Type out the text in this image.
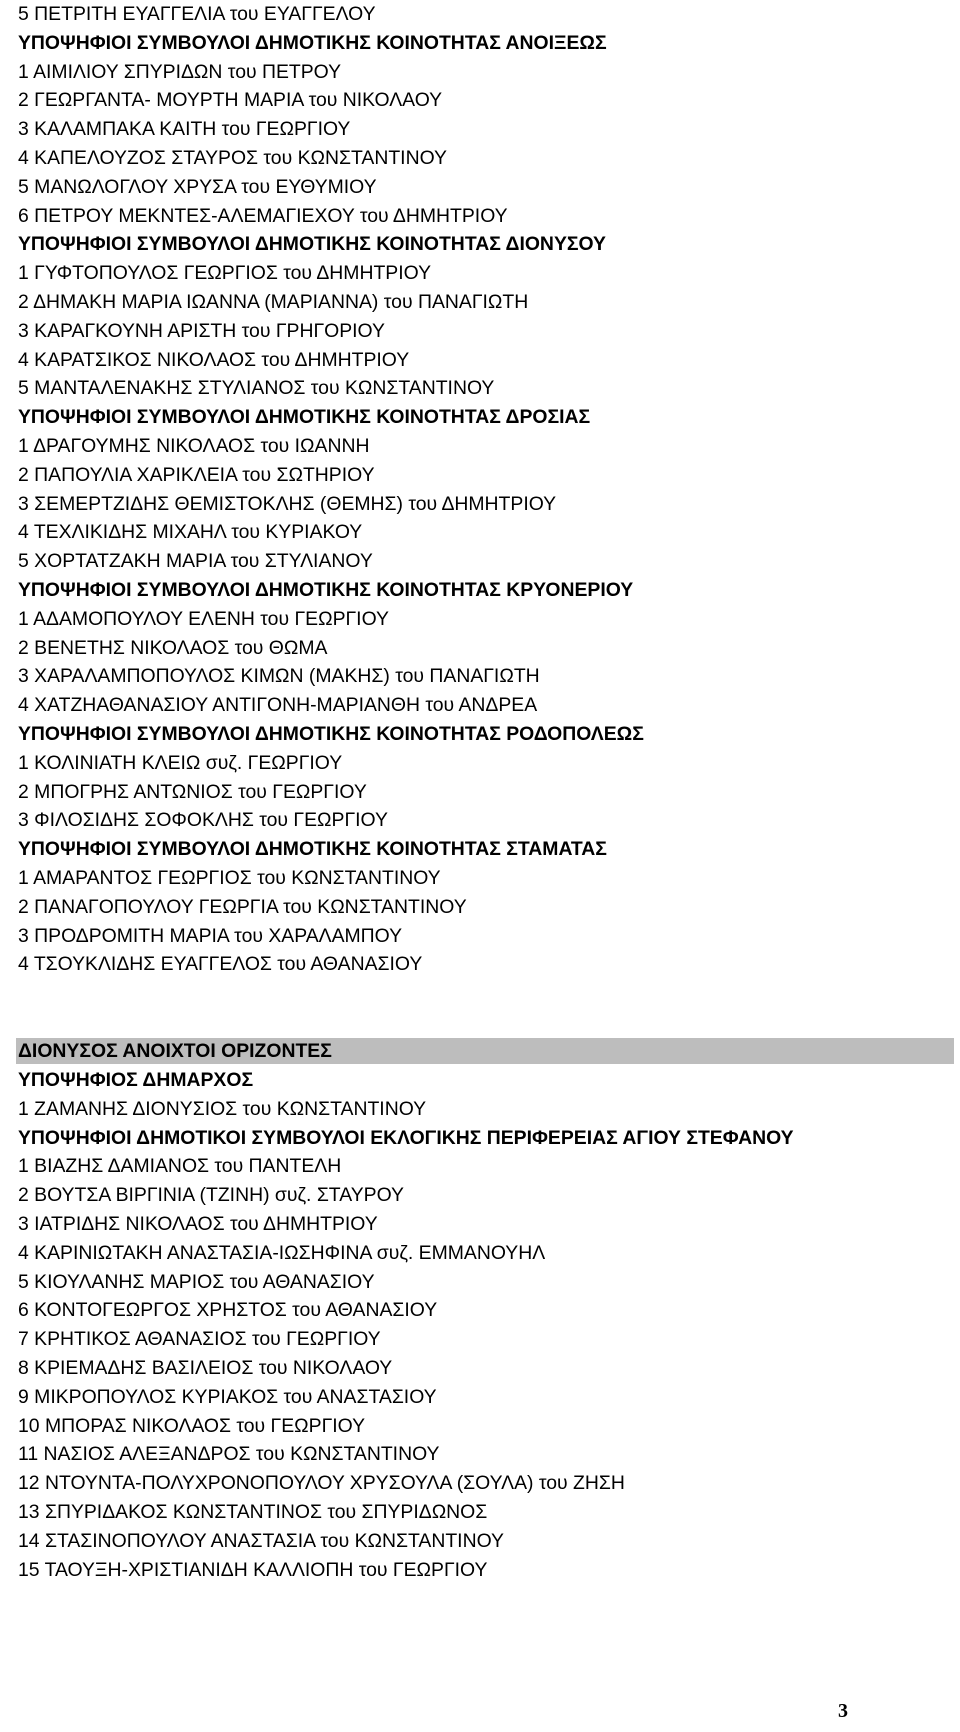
5 ΠΕΤΡΙΤΗ ΕΥΑΓΓΕΛΙΑ του ΕΥΑΓΓΕΛΟΥ
ΥΠΟΨΗΦΙΟΙ ΣΥΜΒΟΥΛΟΙ ΔΗΜΟΤΙΚΗΣ ΚΟΙΝΟΤΗΤΑΣ ΑΝΟΙΞΕΩΣ
1 ΑΙΜΙΛΙΟΥ ΣΠΥΡΙΔΩΝ του ΠΕΤΡΟΥ
2 ΓΕΩΡΓΑΝΤΑ- ΜΟΥΡΤΗ ΜΑΡΙΑ του ΝΙΚΟΛΑΟΥ
3 ΚΑΛΑΜΠΑΚΑ ΚΑΙΤΗ του ΓΕΩΡΓΙΟΥ
4 ΚΑΠΕΛΟΥΖΟΣ ΣΤΑΥΡΟΣ του ΚΩΝΣΤΑΝΤΙΝΟΥ
5 ΜΑΝΩΛΟΓΛΟΥ ΧΡΥΣΑ του ΕΥΘΥΜΙΟΥ
6 ΠΕΤΡΟΥ ΜΕΚΝΤΕΣ-ΑΛΕΜΑΓΙΕΧΟΥ του ΔΗΜΗΤΡΙΟΥ
ΥΠΟΨΗΦΙΟΙ ΣΥΜΒΟΥΛΟΙ ΔΗΜΟΤΙΚΗΣ ΚΟΙΝΟΤΗΤΑΣ ΔΙΟΝΥΣΟΥ
1 ΓΥΦΤΟΠΟΥΛΟΣ ΓΕΩΡΓΙΟΣ του ΔΗΜΗΤΡΙΟΥ
2 ΔΗΜΑΚΗ ΜΑΡΙΑ ΙΩΑΝΝΑ (ΜΑΡΙΑΝΝΑ) του ΠΑΝΑΓΙΩΤΗ
3 ΚΑΡΑΓΚΟΥΝΗ ΑΡΙΣΤΗ του ΓΡΗΓΟΡΙΟΥ
4 ΚΑΡΑΤΣΙΚΟΣ ΝΙΚΟΛΑΟΣ του ΔΗΜΗΤΡΙΟΥ
5 ΜΑΝΤΑΛΕΝΑΚΗΣ ΣΤΥΛΙΑΝΟΣ του ΚΩΝΣΤΑΝΤΙΝΟΥ
ΥΠΟΨΗΦΙΟΙ ΣΥΜΒΟΥΛΟΙ ΔΗΜΟΤΙΚΗΣ ΚΟΙΝΟΤΗΤΑΣ ΔΡΟΣΙΑΣ
1 ΔΡΑΓΟΥΜΗΣ ΝΙΚΟΛΑΟΣ του ΙΩΑΝΝΗ
2 ΠΑΠΟΥΛΙΑ ΧΑΡΙΚΛΕΙΑ του ΣΩΤΗΡΙΟΥ
3 ΣΕΜΕΡΤΖΙΔΗΣ ΘΕΜΙΣΤΟΚΛΗΣ (ΘΕΜΗΣ) του ΔΗΜΗΤΡΙΟΥ
4 ΤΕΧΛΙΚΙΔΗΣ ΜΙΧΑΗΛ του ΚΥΡΙΑΚΟΥ
5 ΧΟΡΤΑΤΖΑΚΗ ΜΑΡΙΑ του ΣΤΥΛΙΑΝΟΥ
ΥΠΟΨΗΦΙΟΙ ΣΥΜΒΟΥΛΟΙ ΔΗΜΟΤΙΚΗΣ ΚΟΙΝΟΤΗΤΑΣ ΚΡΥΟΝΕΡΙΟΥ
1 ΑΔΑΜΟΠΟΥΛΟΥ ΕΛΕΝΗ του ΓΕΩΡΓΙΟΥ
2 ΒΕΝΕΤΗΣ ΝΙΚΟΛΑΟΣ του ΘΩΜΑ
3 ΧΑΡΑΛΑΜΠΟΠΟΥΛΟΣ ΚΙΜΩΝ (ΜΑΚΗΣ) του ΠΑΝΑΓΙΩΤΗ
4 ΧΑΤΖΗΑΘΑΝΑΣΙΟΥ ΑΝΤΙΓΟΝΗ-ΜΑΡΙΑΝΘΗ του ΑΝΔΡΕΑ
ΥΠΟΨΗΦΙΟΙ ΣΥΜΒΟΥΛΟΙ ΔΗΜΟΤΙΚΗΣ ΚΟΙΝΟΤΗΤΑΣ ΡΟΔΟΠΟΛΕΩΣ
1 ΚΟΛΙΝΙΑΤΗ ΚΛΕΙΩ συζ. ΓΕΩΡΓΙΟΥ
2 ΜΠΟΓΡΗΣ ΑΝΤΩΝΙΟΣ του ΓΕΩΡΓΙΟΥ
3 ΦΙΛΟΣΙΔΗΣ ΣΟΦΟΚΛΗΣ του ΓΕΩΡΓΙΟΥ
ΥΠΟΨΗΦΙΟΙ ΣΥΜΒΟΥΛΟΙ ΔΗΜΟΤΙΚΗΣ ΚΟΙΝΟΤΗΤΑΣ ΣΤΑΜΑΤΑΣ
1 ΑΜΑΡΑΝΤΟΣ ΓΕΩΡΓΙΟΣ του ΚΩΝΣΤΑΝΤΙΝΟΥ
2 ΠΑΝΑΓΟΠΟΥΛΟΥ ΓΕΩΡΓΙΑ του ΚΩΝΣΤΑΝΤΙΝΟΥ
3 ΠΡΟΔΡΟΜΙΤΗ ΜΑΡΙΑ του ΧΑΡΑΛΑΜΠΟΥ
4 ΤΣΟΥΚΛΙΔΗΣ ΕΥΑΓΓΕΛΟΣ του ΑΘΑΝΑΣΙΟΥ
ΔΙΟΝΥΣΟΣ ΑΝΟΙΧΤΟΙ ΟΡΙΖΟΝΤΕΣ
ΥΠΟΨΗΦΙΟΣ ΔΗΜΑΡΧΟΣ
1 ΖΑΜΑΝΗΣ ΔΙΟΝΥΣΙΟΣ του ΚΩΝΣΤΑΝΤΙΝΟΥ
ΥΠΟΨΗΦΙΟΙ ΔΗΜΟΤΙΚΟΙ ΣΥΜΒΟΥΛΟΙ ΕΚΛΟΓΙΚΗΣ ΠΕΡΙΦΕΡΕΙΑΣ ΑΓΙΟΥ ΣΤΕΦΑΝΟΥ
1 ΒΙΑΖΗΣ ΔΑΜΙΑΝΟΣ του ΠΑΝΤΕΛΗ
2 ΒΟΥΤΣΑ ΒΙΡΓΙΝΙΑ (ΤΖΙΝΗ) συζ. ΣΤΑΥΡΟΥ
3 ΙΑΤΡΙΔΗΣ ΝΙΚΟΛΑΟΣ του ΔΗΜΗΤΡΙΟΥ
4 ΚΑΡΙΝΙΩΤΑΚΗ ΑΝΑΣΤΑΣΙΑ-ΙΩΣΗΦΙΝΑ συζ. ΕΜΜΑΝΟΥΗΛ
5 ΚΙΟΥΛΑΝΗΣ ΜΑΡΙΟΣ του ΑΘΑΝΑΣΙΟΥ
6 ΚΟΝΤΟΓΕΩΡΓΟΣ ΧΡΗΣΤΟΣ του ΑΘΑΝΑΣΙΟΥ
7 ΚΡΗΤΙΚΟΣ ΑΘΑΝΑΣΙΟΣ του ΓΕΩΡΓΙΟΥ
8 ΚΡΙΕΜΑΔΗΣ ΒΑΣΙΛΕΙΟΣ του ΝΙΚΟΛΑΟΥ
9 ΜΙΚΡΟΠΟΥΛΟΣ ΚΥΡΙΑΚΟΣ του ΑΝΑΣΤΑΣΙΟΥ
10 ΜΠΟΡΑΣ ΝΙΚΟΛΑΟΣ του ΓΕΩΡΓΙΟΥ
11 ΝΑΣΙΟΣ ΑΛΕΞΑΝΔΡΟΣ του ΚΩΝΣΤΑΝΤΙΝΟΥ
12 ΝΤΟΥΝΤΑ-ΠΟΛΥΧΡΟΝΟΠΟΥΛΟΥ ΧΡΥΣΟΥΛΑ (ΣΟΥΛΑ) του ΖΗΣΗ
13 ΣΠΥΡΙΔΑΚΟΣ ΚΩΝΣΤΑΝΤΙΝΟΣ του ΣΠΥΡΙΔΩΝΟΣ
14 ΣΤΑΣΙΝΟΠΟΥΛΟΥ ΑΝΑΣΤΑΣΙΑ του ΚΩΝΣΤΑΝΤΙΝΟΥ
15 ΤΑΟΥΞΗ-ΧΡΙΣΤΙΑΝΙΔΗ ΚΑΛΛΙΟΠΗ του ΓΕΩΡΓΙΟΥ
3
